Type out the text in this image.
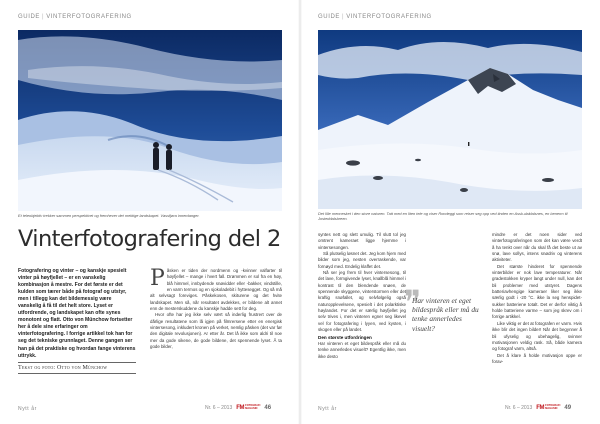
GUIDE | VINTERFOTOGRAFERING
Et teleobjektiv trekker sammen perspektivet og fremhever det mektige landskapet. Vassfjøra innerdanger.
Vinterfotografering del 2
Fotografering og vinter – og kanskje spesielt vinter på høyfjellet – er en vanskelig kombinasjon å mestre. For det første er det kulden som tærer både på fotograf og utstyr, men i tillegg kan det bildemessig være vanskelig å få til det helt store. Lyset er utfordrende, og landskapet kan ofte synes monotont og flatt. Otto von Münchow fortsetter her å dele sine erfaringer om vinterfotografering. I forrige artikkel tok han for seg det tekniske grunnlaget. Denne gangen ser han på det praktiske og hvordan fange vinterens uttrykk.
Tekst og foto: Otto von Münchow

Påsken er tiden der nordmenn og -kvinner valfarter til høyfjellet – mange i hvert fall. Drømmen er sol fra en høy, blå himmel, innbydende snøvidder eller -bakker, vindstille, en varm termos og en sjokoladebit i hyttesegget. Og så må alt selvsagt foreviges. Påskekosen, skiturene og det hvite landskapet. Men så, når resultatet avdekkes, er bildene alt annet enn de mesterskuddene du kanskje hadde sett for deg.

Hvor ofte har jeg ikke selv vært så inderlig frustrert over de dårlige resultatene som lå igjen på filmrersene etter en energisk vintersesong, inkludert kronen på verket, nemlig påsken (det var før den digitale revolusjonen). Ar etter år. Det lå ikke som aldri til noe mer da gode sikene, de gode bildene, det spennende lyset. Å ta gode bilder,

Nytt år	Nr. 6 – 2013 FM FOTOGRAFI
MAGASIN	46
GUIDE | VINTERFOTOGRAFERING
Det lille mennesket i den store naturen. Tatt med en liten tele og viser Rondeggi som reiser seg opp ved tinden en Assk-daldalsnes, en benerm til Josteddalsbreen.

syntes nett og slett umulig. Til slutt tol jeg omtrent kameraet ligge hjemme i vintersesongen.

Så plutselig løsnet det. Jeg kom hjem med bilder som jeg, nesten overraskende, var fornøyd med. Endelig klaffet det.

Nå ser jeg frem til hver vintersesong, til det lave, formgivende lyset, knallblå himmel i kontrast til den blendende snøen, de spennende skyggene, vinterstormen eller det kraftig snøfallet, og selvfølgelig også naturopplevelsene, spesielt i det polarktiske høylandet. For det er særlig høyfjellet jeg selv trives i, men vinteren egner seg likevel vel for fotografering i lyyen, ved kysten, i skogen eller på landet.

Den største utfordringen

Har vinteren et eget bildespråk eller må du tenke annerledes visuelt? Egentlig ikke, men ikke desto

mindre er det noen sider ved vinterfotograferingen som det kan være verdt å ha tenkt over når du skal få det beste ut av snø, lave sollys, intens snødriv og vinterens aktiviteter.

Det største hinderet for spennende vinterbilder er nok lave temperaturer. Når gradestokken kryper langt under null, kan det bli problemer med utstyret. Dagens batteriavhengige kameraer liker seg ikke særlig godt i -20 °C. ikke la seg henspidet-sukker batteriene totalt. Det er derfor viktig å holde batteriene varme – som jeg skrev om i forrige artikkel.

Like viktig er det at fotografen er varm. Hvis ikke blir det ingen bilder! Når det begynner å bli ufyselig og ubehagelig, svinner motivasjonen veldig rask. Så, både kamera og fotograf varm, altså.

Det å klare å holde motivasjon oppe er forav-

Nytt år	Nr. 6 – 2013 FM FOTOGRAFI
MAGASIN	49
❞
Har vinteren et eget bildespråk eller må du tenke annerledes visuelt?
